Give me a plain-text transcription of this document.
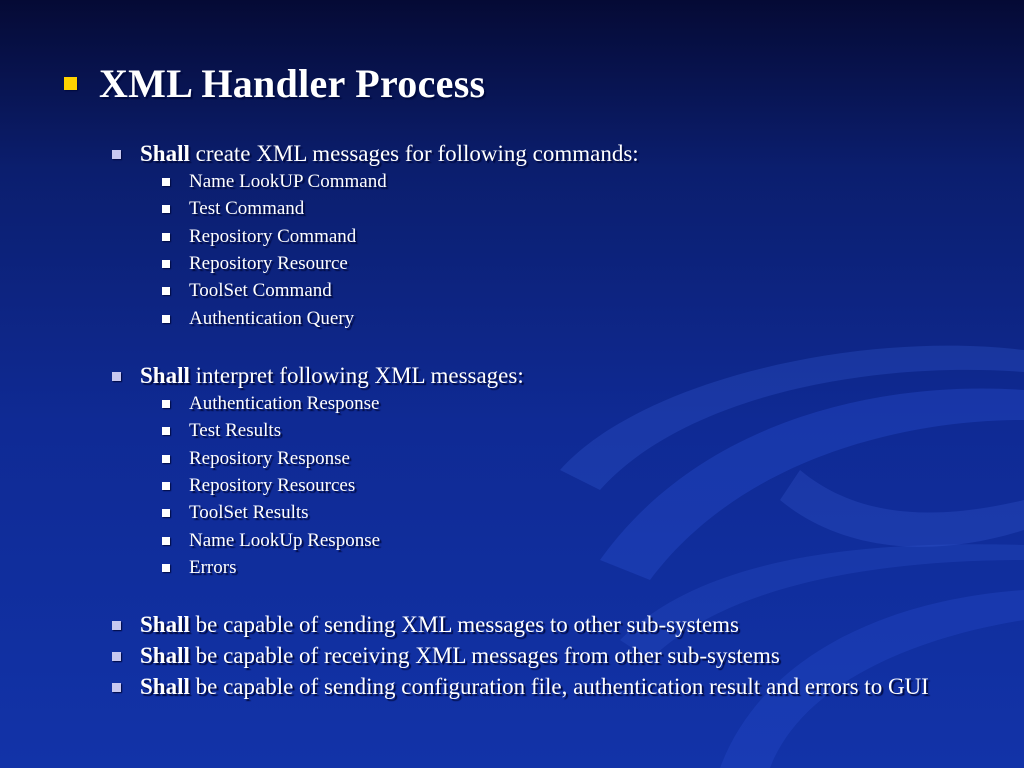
XML Handler Process
Shall create XML messages for following commands:
Name LookUP Command
Test Command
Repository Command
Repository Resource
ToolSet Command
Authentication Query
Shall interpret following XML messages:
Authentication Response
Test Results
Repository Response
Repository Resources
ToolSet Results
Name LookUp Response
Errors
Shall be capable of sending XML messages to other sub-systems
Shall be capable of receiving XML messages from other sub-systems
Shall be capable of sending configuration file, authentication result and errors to GUI
